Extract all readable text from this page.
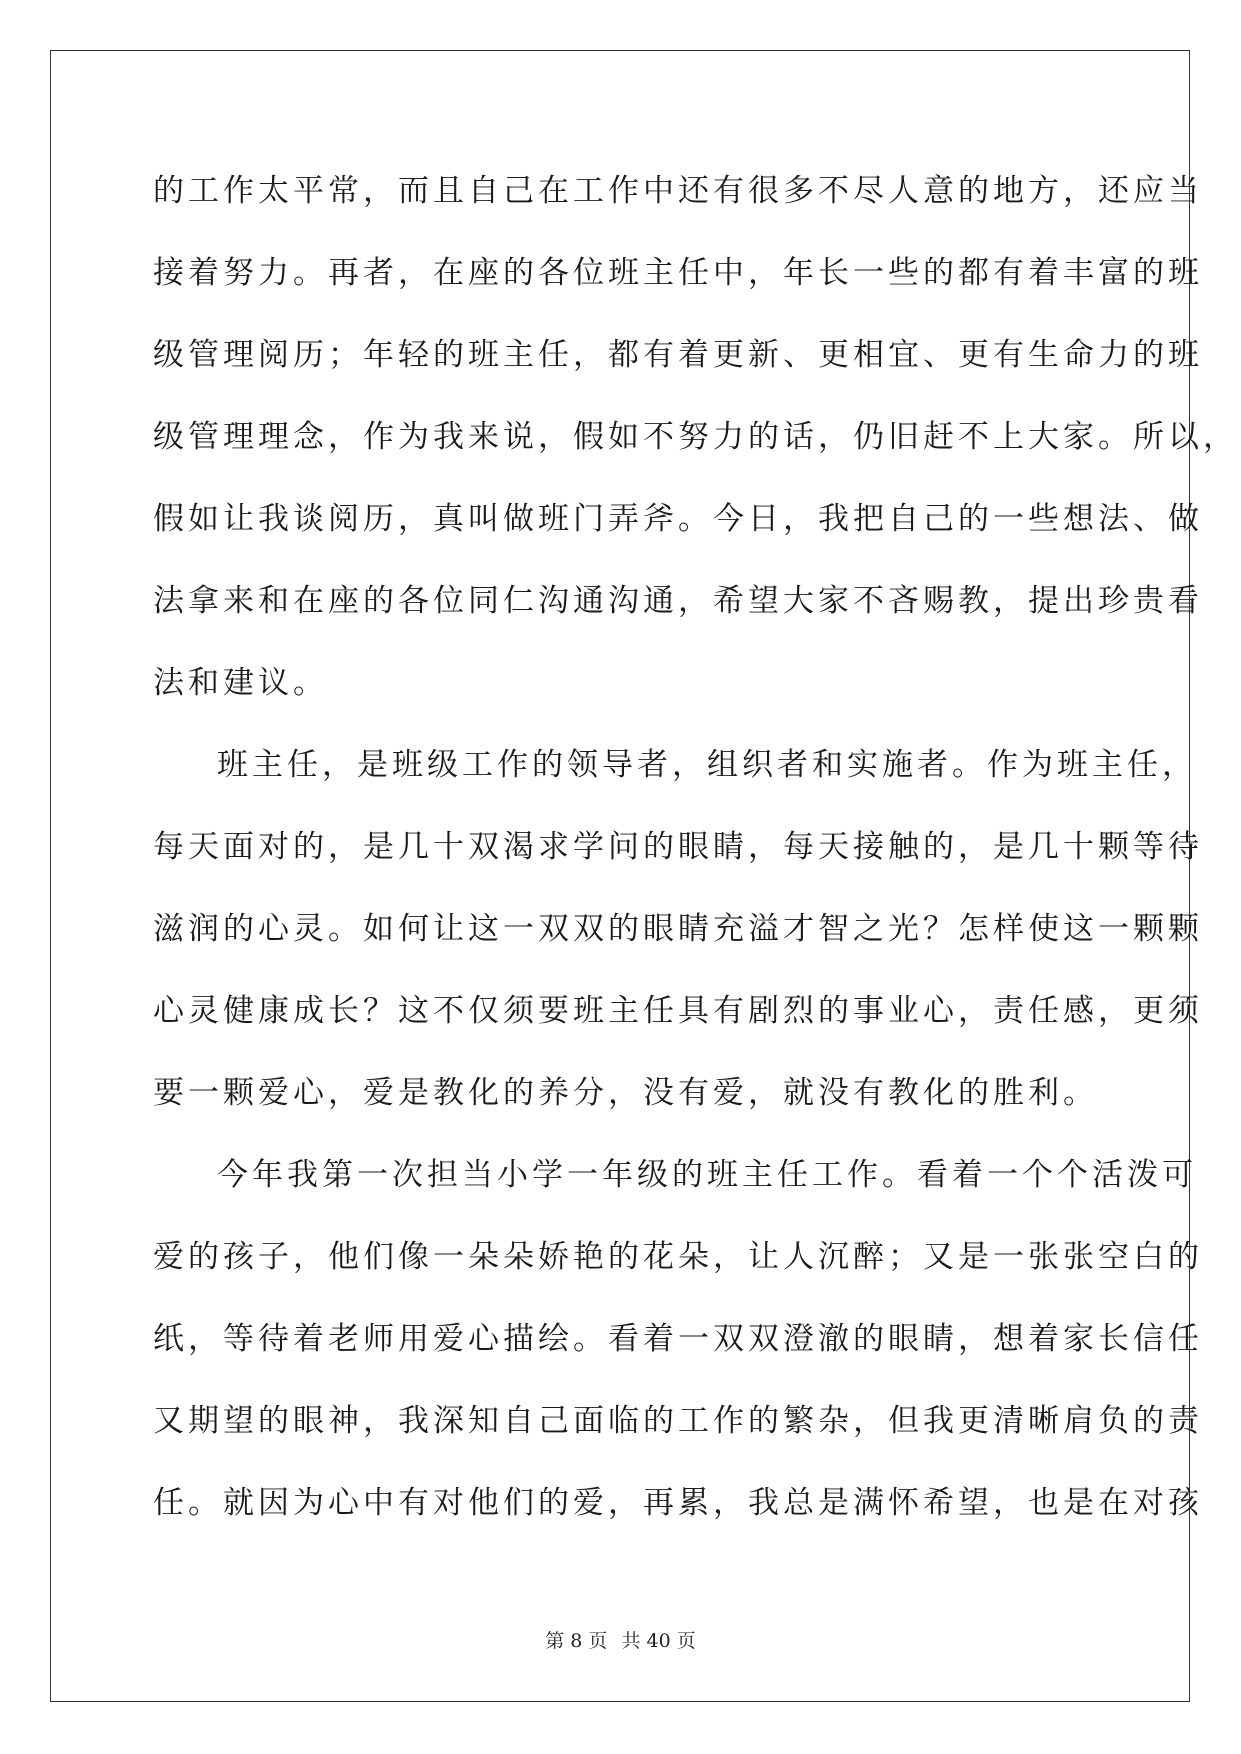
的工作太平常，而且自己在工作中还有很多不尽人意的地方，还应当
接着努力。再者，在座的各位班主任中，年长一些的都有着丰富的班
级管理阅历；年轻的班主任，都有着更新、更相宜、更有生命力的班
级管理理念，作为我来说，假如不努力的话，仍旧赶不上大家。所以，
假如让我谈阅历，真叫做班门弄斧。今日，我把自己的一些想法、做
法拿来和在座的各位同仁沟通沟通，希望大家不吝赐教，提出珍贵看
法和建议。
班主任，是班级工作的领导者，组织者和实施者。作为班主任，
每天面对的，是几十双渴求学问的眼睛，每天接触的，是几十颗等待
滋润的心灵。如何让这一双双的眼睛充溢才智之光？怎样使这一颗颗
心灵健康成长？这不仅须要班主任具有剧烈的事业心，责任感，更须
要一颗爱心，爱是教化的养分，没有爱，就没有教化的胜利。
今年我第一次担当小学一年级的班主任工作。看着一个个活泼可
爱的孩子，他们像一朵朵娇艳的花朵，让人沉醉；又是一张张空白的
纸，等待着老师用爱心描绘。看着一双双澄澈的眼睛，想着家长信任
又期望的眼神，我深知自己面临的工作的繁杂，但我更清晰肩负的责
任。就因为心中有对他们的爱，再累，我总是满怀希望，也是在对孩
第 8 页 共 40 页
